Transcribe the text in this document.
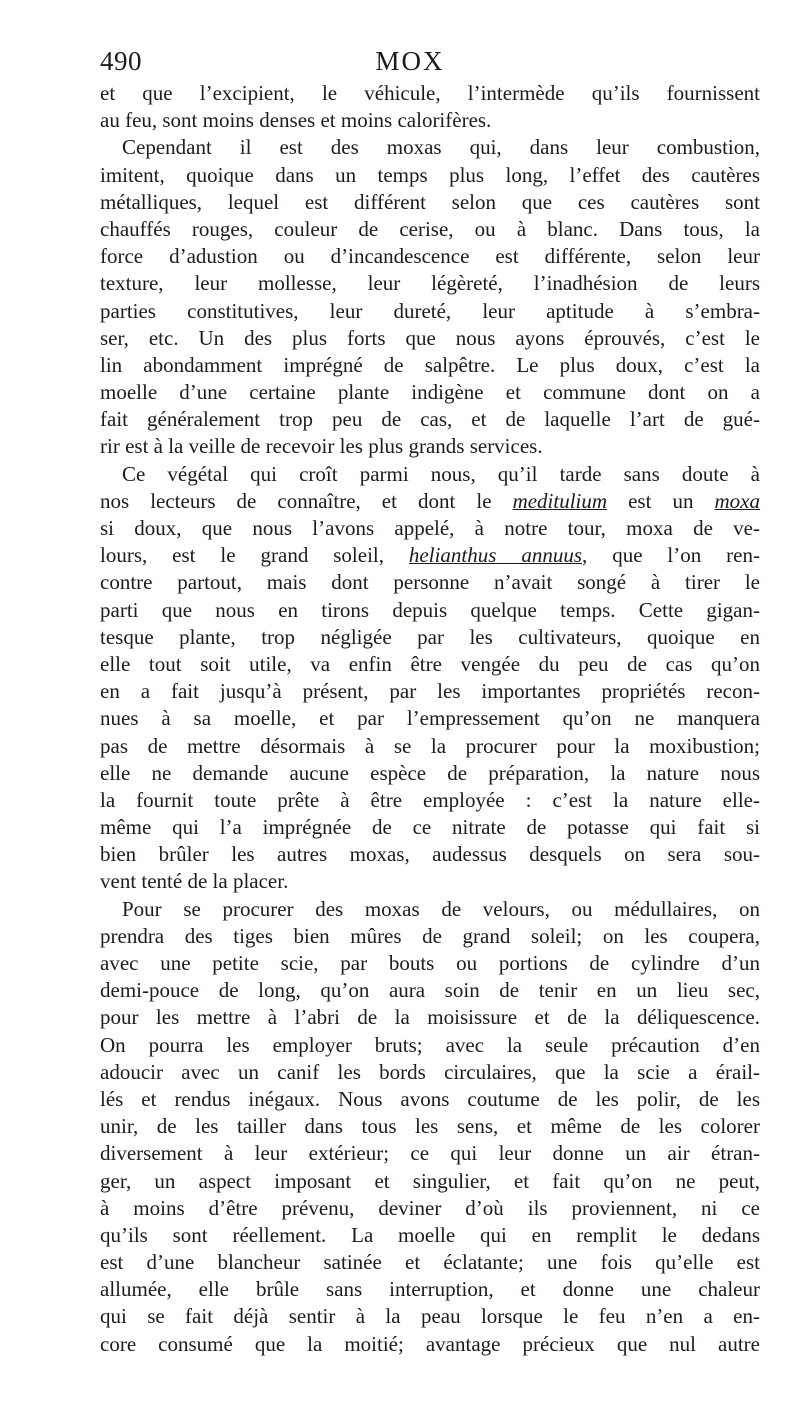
490	MOX
et que l’excipient, le véhicule, l’intermède qu’ils fournissent
au feu, sont moins denses et moins calorifères.
Cependant il est des moxas qui, dans leur combustion,
imitent, quoique dans un temps plus long, l’effet des cautères
métalliques, lequel est différent selon que ces cautères sont
chauffés rouges, couleur de cerise, ou à blanc. Dans tous, la
force d’adustion ou d’incandescence est différente, selon leur
texture, leur mollesse, leur légèreté, l’inadhésion de leurs
parties constitutives, leur dureté, leur aptitude à s’embra-
ser, etc. Un des plus forts que nous ayons éprouvés, c’est le
lin abondamment imprégné de salpêtre. Le plus doux, c’est la
moelle d’une certaine plante indigène et commune dont on a
fait généralement trop peu de cas, et de laquelle l’art de gué-
rir est à la veille de recevoir les plus grands services.
Ce végétal qui croît parmi nous, qu’il tarde sans doute à
nos lecteurs de connaître, et dont le meditulium est un moxa
si doux, que nous l’avons appelé, à notre tour, moxa de ve-
lours, est le grand soleil, helianthus annuus, que l’on ren-
contre partout, mais dont personne n’avait songé à tirer le
parti que nous en tirons depuis quelque temps. Cette gigan-
tesque plante, trop négligée par les cultivateurs, quoique en
elle tout soit utile, va enfin être vengée du peu de cas qu’on
en a fait jusqu’à présent, par les importantes propriétés recon-
nues à sa moelle, et par l’empressement qu’on ne manquera
pas de mettre désormais à se la procurer pour la moxibustion;
elle ne demande aucune espèce de préparation, la nature nous
la fournit toute prête à être employée : c’est la nature elle-
même qui l’a imprégnée de ce nitrate de potasse qui fait si
bien brûler les autres moxas, audessus desquels on sera sou-
vent tenté de la placer.
Pour se procurer des moxas de velours, ou médullaires, on
prendra des tiges bien mûres de grand soleil; on les coupera,
avec une petite scie, par bouts ou portions de cylindre d’un
demi-pouce de long, qu’on aura soin de tenir en un lieu sec,
pour les mettre à l’abri de la moisissure et de la déliquescence.
On pourra les employer bruts; avec la seule précaution d’en
adoucir avec un canif les bords circulaires, que la scie a érail-
lés et rendus inégaux. Nous avons coutume de les polir, de les
unir, de les tailler dans tous les sens, et même de les colorer
diversement à leur extérieur; ce qui leur donne un air étran-
ger, un aspect imposant et singulier, et fait qu’on ne peut,
à moins d’être prévenu, deviner d’où ils proviennent, ni ce
qu’ils sont réellement. La moelle qui en remplit le dedans
est d’une blancheur satinée et éclatante; une fois qu’elle est
allumée, elle brûle sans interruption, et donne une chaleur
qui se fait déjà sentir à la peau lorsque le feu n’en a en-
core consumé que la moitié; avantage précieux que nul autre
